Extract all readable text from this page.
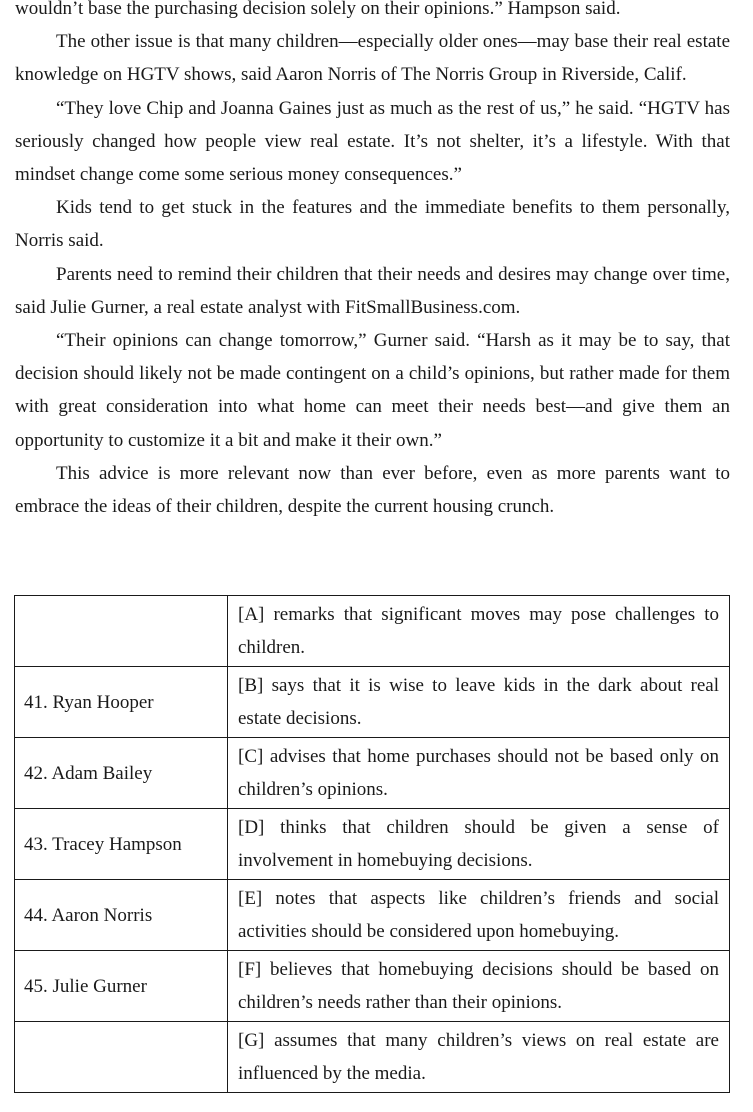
wouldn’t base the purchasing decision solely on their opinions.” Hampson said.

The other issue is that many children—especially older ones—may base their real estate knowledge on HGTV shows, said Aaron Norris of The Norris Group in Riverside, Calif.

“They love Chip and Joanna Gaines just as much as the rest of us,” he said. “HGTV has seriously changed how people view real estate. It’s not shelter, it’s a lifestyle. With that mindset change come some serious money consequences.”

Kids tend to get stuck in the features and the immediate benefits to them personally, Norris said.

Parents need to remind their children that their needs and desires may change over time, said Julie Gurner, a real estate analyst with FitSmallBusiness.com.

“Their opinions can change tomorrow,” Gurner said. “Harsh as it may be to say, that decision should likely not be made contingent on a child’s opinions, but rather made for them with great consideration into what home can meet their needs best—and give them an opportunity to customize it a bit and make it their own.”

This advice is more relevant now than ever before, even as more parents want to embrace the ideas of their children, despite the current housing crunch.

	[A] remarks that significant moves may pose challenges to children.
41. Ryan Hooper	[B] says that it is wise to leave kids in the dark about real estate decisions.
42. Adam Bailey	[C] advises that home purchases should not be based only on children’s opinions.
43. Tracey Hampson	[D] thinks that children should be given a sense of involvement in homebuying decisions.
44. Aaron Norris	[E] notes that aspects like children’s friends and social activities should be considered upon homebuying.
45. Julie Gurner	[F] believes that homebuying decisions should be based on children’s needs rather than their opinions.
	[G] assumes that many children’s views on real estate are influenced by the media.
